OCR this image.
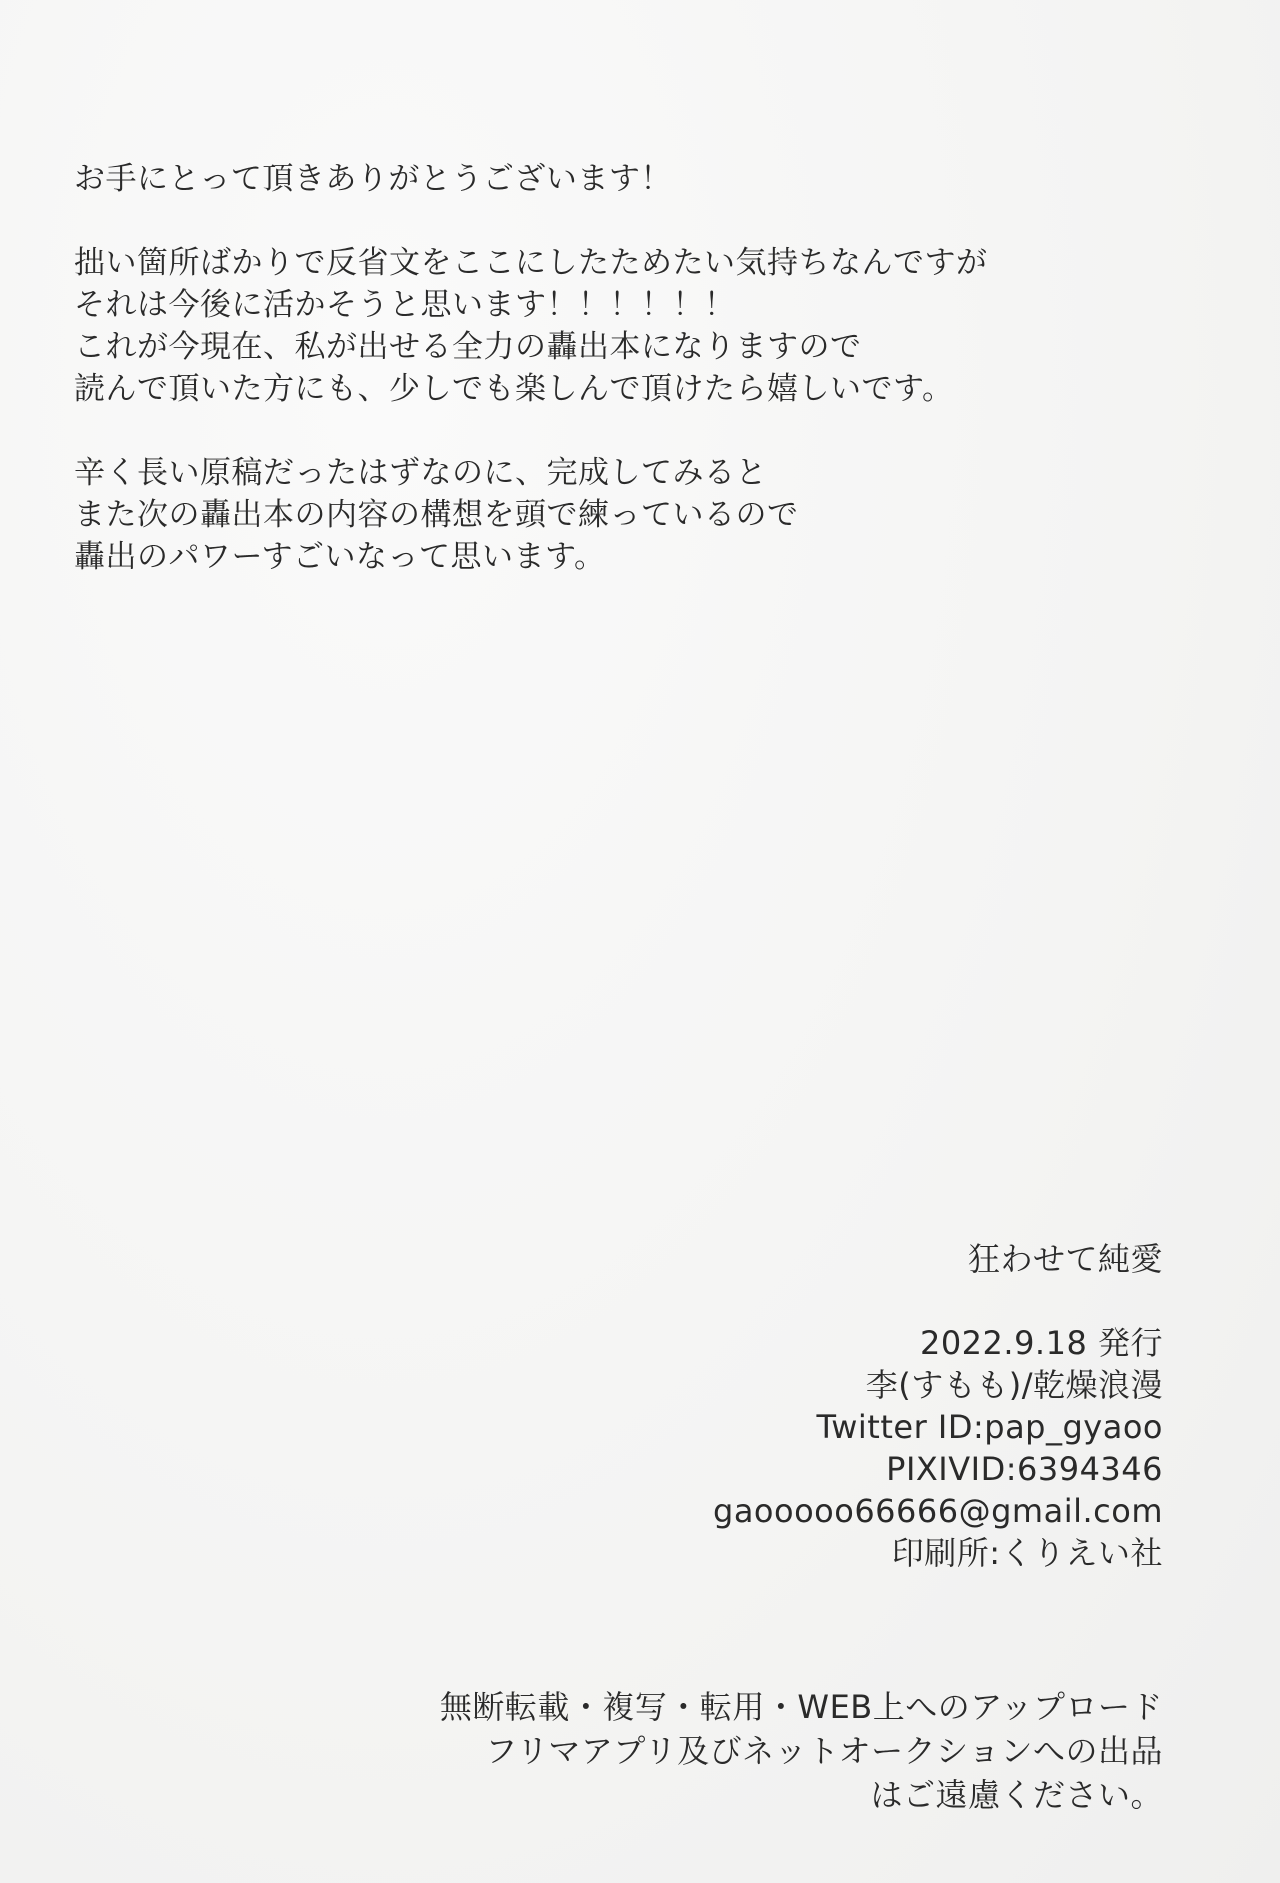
お手にとって頂きありがとうございます！

拙い箇所ばかりで反省文をここにしたためたい気持ちなんですが
それは今後に活かそうと思います！！！！！！
これが今現在、私が出せる全力の轟出本になりますので
読んで頂いた方にも、少しでも楽しんで頂けたら嬉しいです。

辛く長い原稿だったはずなのに、完成してみると
また次の轟出本の内容の構想を頭で練っているので
轟出のパワーすごいなって思います。

狂わせて純愛
2022.9.18 発行
李(すもも)/乾燥浪漫
Twitter ID:pap_gyaoo
PIXIVID:6394346
gaooooo66666@gmail.com
印刷所:くりえい社
無断転載・複写・転用・WEB上へのアップロード
フリマアプリ及びネットオークションへの出品
はご遠慮ください。
